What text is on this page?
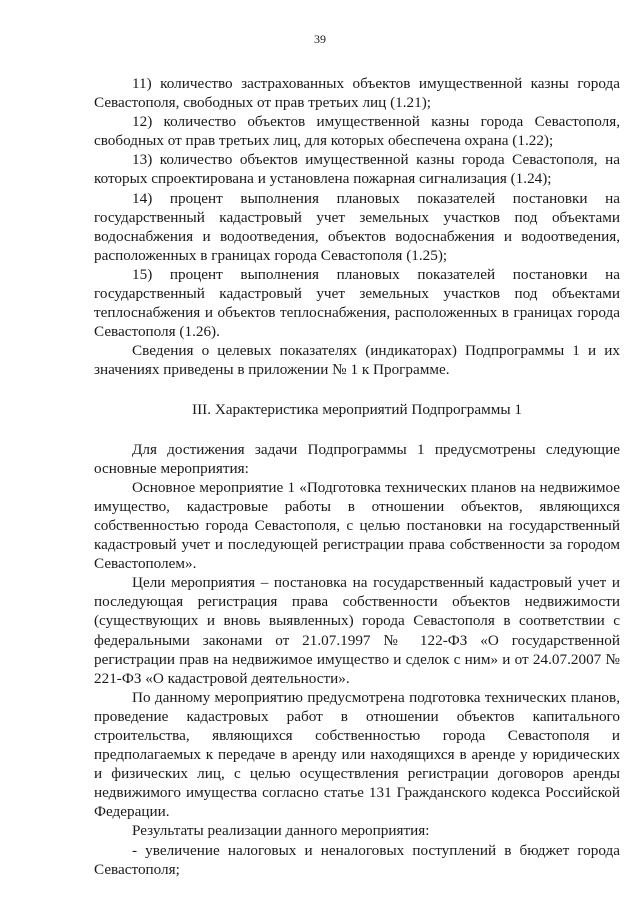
39

11) количество застрахованных объектов имущественной казны города Севастополя, свободных от прав третьих лиц (1.21);

12) количество объектов имущественной казны города Севастополя, свободных от прав третьих лиц, для которых обеспечена охрана (1.22);

13) количество объектов имущественной казны города Севастополя, на которых спроектирована и установлена пожарная сигнализация (1.24);

14) процент выполнения плановых показателей постановки на государственный кадастровый учет земельных участков под объектами водоснабжения и водоотведения, объектов водоснабжения и водоотведения, расположенных в границах города Севастополя (1.25);

15) процент выполнения плановых показателей постановки на государственный кадастровый учет земельных участков под объектами теплоснабжения и объектов теплоснабжения, расположенных в границах города Севастополя (1.26).

Сведения о целевых показателях (индикаторах) Подпрограммы 1 и их значениях приведены в приложении № 1 к Программе.

III. Характеристика мероприятий Подпрограммы 1

Для достижения задачи Подпрограммы 1 предусмотрены следующие основные мероприятия:

Основное мероприятие 1 «Подготовка технических планов на недвижимое имущество, кадастровые работы в отношении объектов, являющихся собственностью города Севастополя, с целью постановки на государственный кадастровый учет и последующей регистрации права собственности за городом Севастополем».

Цели мероприятия – постановка на государственный кадастровый учет и последующая регистрация права собственности объектов недвижимости (существующих и вновь выявленных) города Севастополя в соответствии с федеральными законами от 21.07.1997 № 122-ФЗ «О государственной регистрации прав на недвижимое имущество и сделок с ним» и от 24.07.2007 № 221-ФЗ «О кадастровой деятельности».

По данному мероприятию предусмотрена подготовка технических планов, проведение кадастровых работ в отношении объектов капитального строительства, являющихся собственностью города Севастополя и предполагаемых к передаче в аренду или находящихся в аренде у юридических и физических лиц, с целью осуществления регистрации договоров аренды недвижимого имущества согласно статье 131 Гражданского кодекса Российской Федерации.

Результаты реализации данного мероприятия:

- увеличение налоговых и неналоговых поступлений в бюджет города Севастополя;
